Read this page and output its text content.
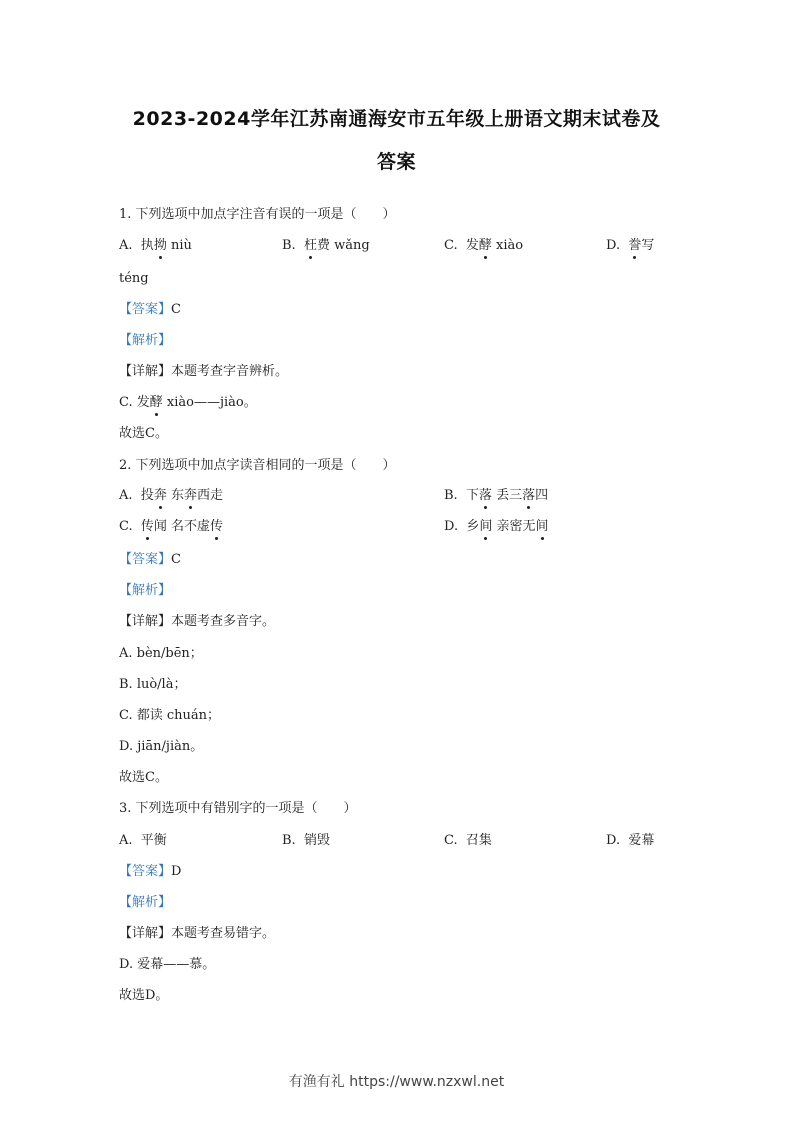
2023-2024学年江苏南通海安市五年级上册语文期末试卷及
答案
1. 下列选项中加点字注音有误的一项是（　　）
A. 执拗 niù	B. 枉费 wǎng	C. 发酵 xiào	D. 誊写
téng
【答案】C
【解析】
【详解】本题考查字音辨析。
C. 发酵 xiào——jiào。
故选C。
2. 下列选项中加点字读音相同的一项是（　　）
A. 投奔 东奔西走	B. 下落 丢三落四
C. 传闻 名不虚传	D. 乡间 亲密无间
【答案】C
【解析】
【详解】本题考查多音字。
A. bèn/bēn；
B. luò/là；
C. 都读 chuán；
D. jiān/jiàn。
故选C。
3. 下列选项中有错别字的一项是（　　）
A. 平衡	B. 销毁	C. 召集	D. 爱幕
【答案】D
【解析】
【详解】本题考查易错字。
D. 爱幕——慕。
故选D。
有渔有礼 https://www.nzxwl.net
